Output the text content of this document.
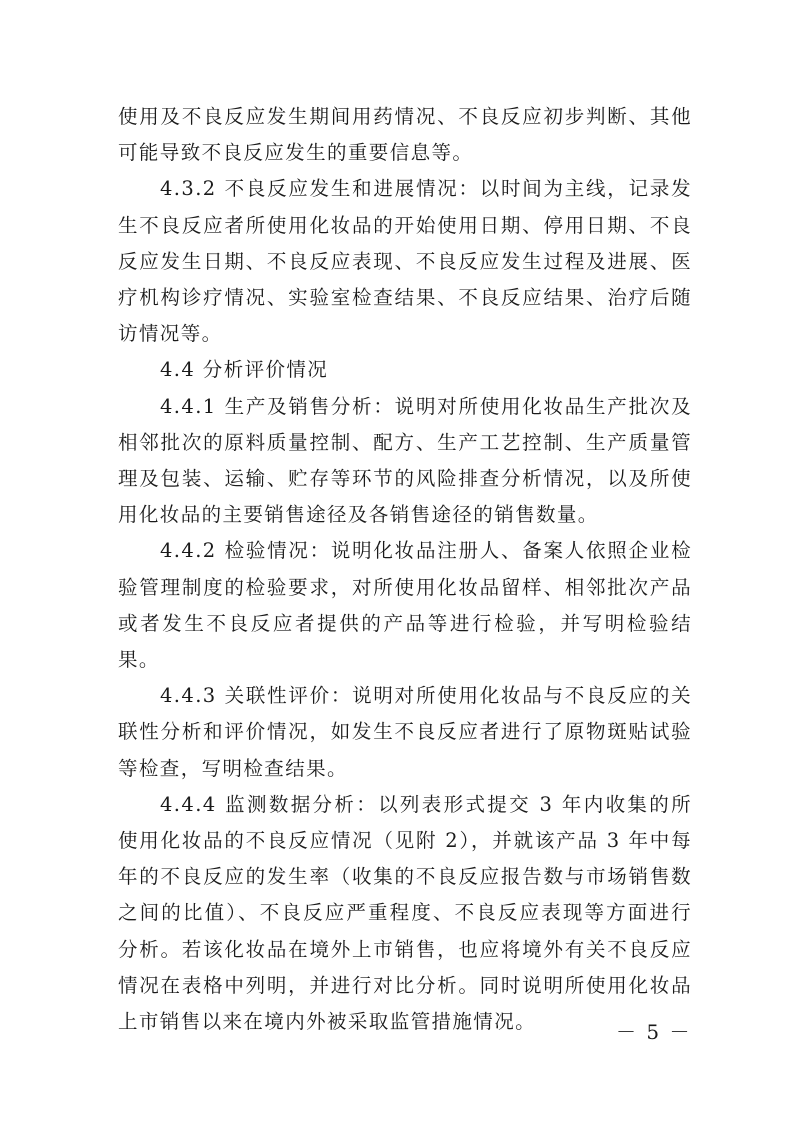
使用及不良反应发生期间用药情况、不良反应初步判断、其他可能导致不良反应发生的重要信息等。

4.3.2 不良反应发生和进展情况：以时间为主线，记录发生不良反应者所使用化妆品的开始使用日期、停用日期、不良反应发生日期、不良反应表现、不良反应发生过程及进展、医疗机构诊疗情况、实验室检查结果、不良反应结果、治疗后随访情况等。

4.4 分析评价情况

4.4.1 生产及销售分析：说明对所使用化妆品生产批次及相邻批次的原料质量控制、配方、生产工艺控制、生产质量管理及包装、运输、贮存等环节的风险排查分析情况，以及所使用化妆品的主要销售途径及各销售途径的销售数量。

4.4.2 检验情况：说明化妆品注册人、备案人依照企业检验管理制度的检验要求，对所使用化妆品留样、相邻批次产品或者发生不良反应者提供的产品等进行检验，并写明检验结果。

4.4.3 关联性评价：说明对所使用化妆品与不良反应的关联性分析和评价情况，如发生不良反应者进行了原物斑贴试验等检查，写明检查结果。

4.4.4 监测数据分析：以列表形式提交 3 年内收集的所使用化妆品的不良反应情况（见附 2），并就该产品 3 年中每年的不良反应的发生率（收集的不良反应报告数与市场销售数之间的比值）、不良反应严重程度、不良反应表现等方面进行分析。若该化妆品在境外上市销售，也应将境外有关不良反应情况在表格中列明，并进行对比分析。同时说明所使用化妆品上市销售以来在境内外被采取监管措施情况。	－ 5 －
